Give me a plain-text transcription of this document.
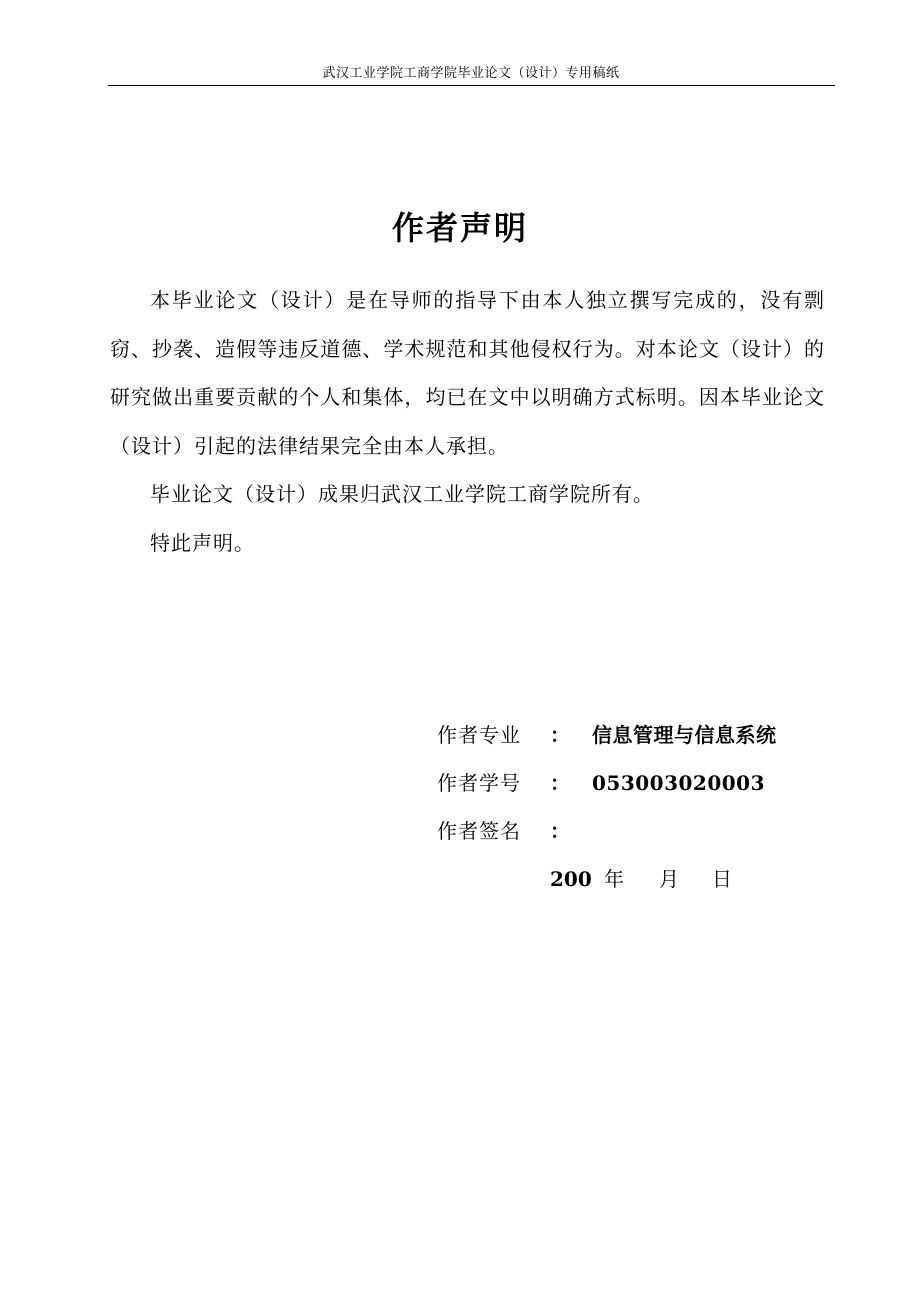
武汉工业学院工商学院毕业论文（设计）专用稿纸
作者声明

本毕业论文（设计）是在导师的指导下由本人独立撰写完成的，没有剽窃、抄袭、造假等违反道德、学术规范和其他侵权行为。对本论文（设计）的研究做出重要贡献的个人和集体，均已在文中以明确方式标明。因本毕业论文（设计）引起的法律结果完全由本人承担。

毕业论文（设计）成果归武汉工业学院工商学院所有。

特此声明。

作者专业 ： 信息管理与信息系统
作者学号 ： 053003020003
作者签名 ：
200 年 月 日
